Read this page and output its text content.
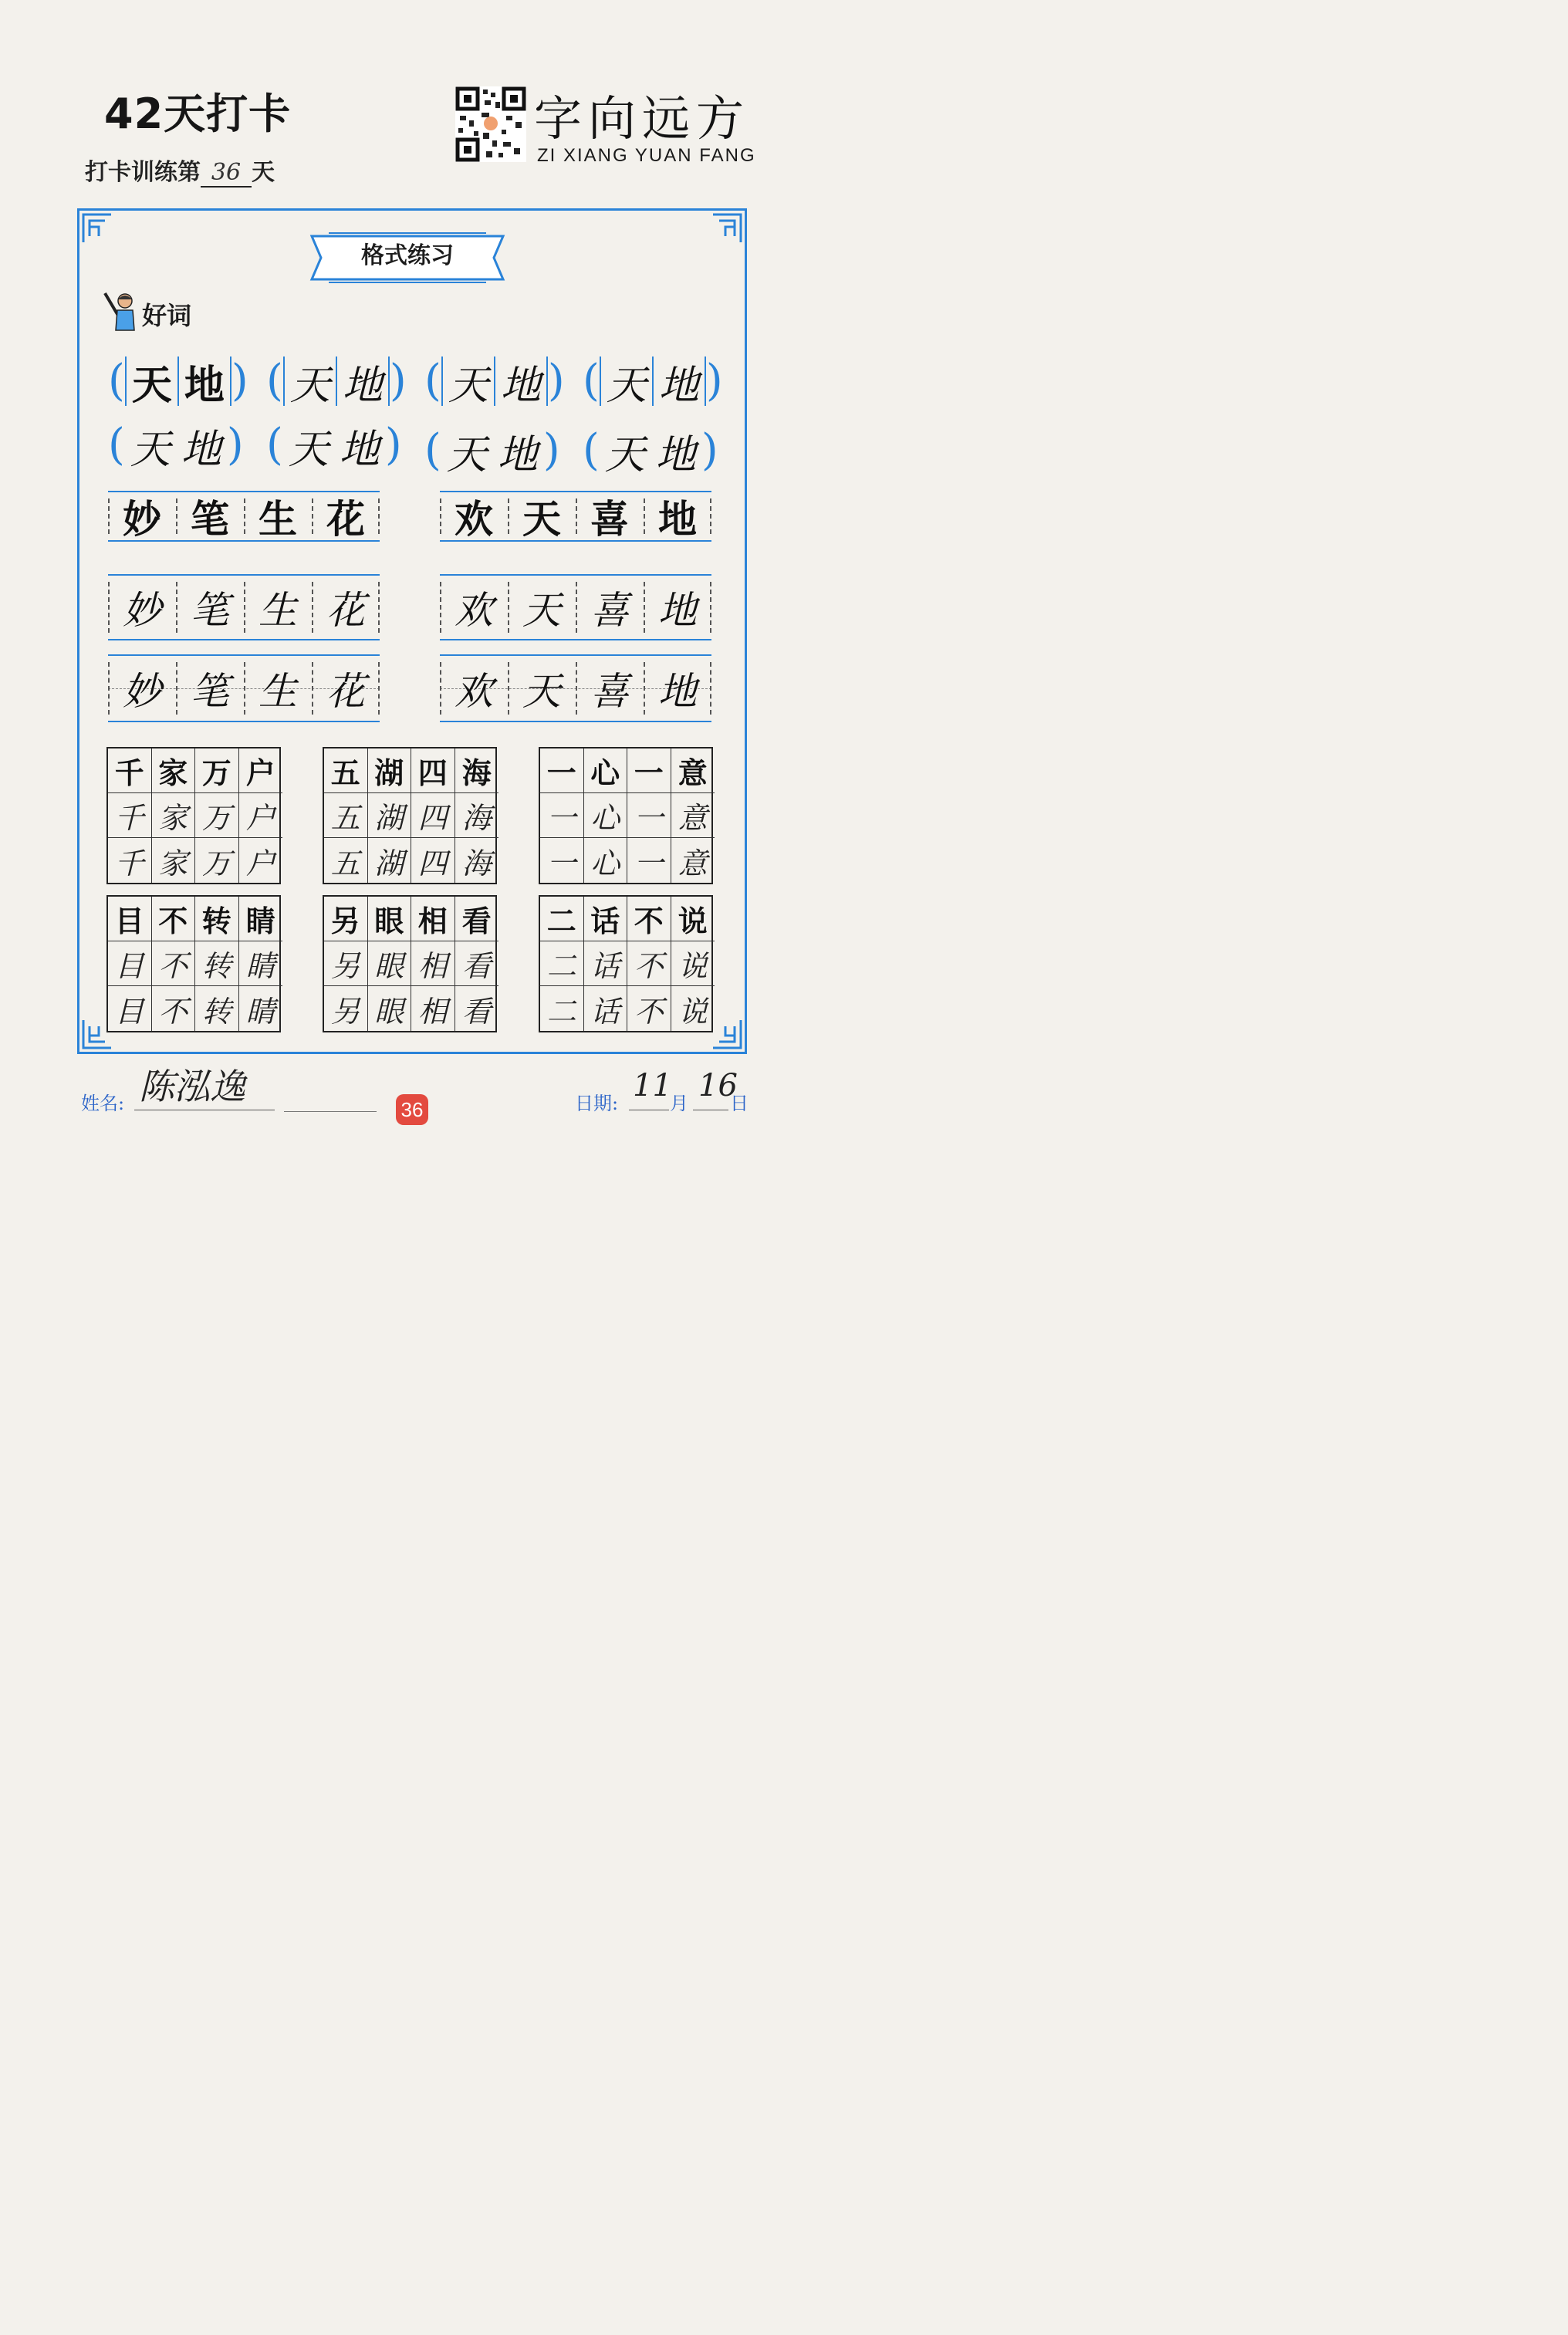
42天打卡
打卡训练第 36 天
字向远方
ZI XIANG YUAN FANG
格式练习
好词
( 天 地 ) ( 天 地 ) ( 天 地 ) ( 天 地 )
( 天 地 ) ( 天 地 ) ( 天 地 ) ( 天 地 )
妙 笔 生 花
妙 笔 生 花
妙 笔 生 花
欢 天 喜 地
欢 天 喜 地
欢 天 喜 地
千 家 万 户
千 家 万 户
千 家 万 户
五 湖 四 海
五 湖 四 海
五 湖 四 海
一 心 一 意
一 心 一 意
一 心 一 意
目 不 转 睛
目 不 转 睛
目 不 转 睛
另 眼 相 看
另 眼 相 看
另 眼 相 看
二 话 不 说
二 话 不 说
二 话 不 说
姓名: 陈泓逸
36	日期: 11
月 16
日
